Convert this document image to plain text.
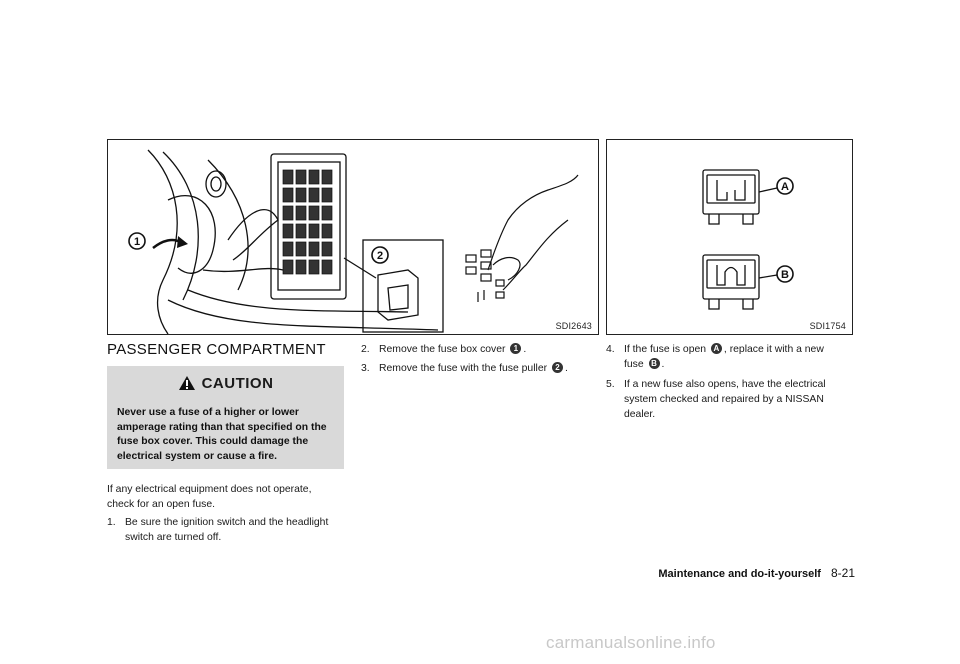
1
2
SDI2643
A
B
SDI1754
PASSENGER COMPARTMENT
CAUTION
Never use a fuse of a higher or lower amperage rating than that specified on the fuse box cover. This could damage the electrical system or cause a fire.
If any electrical equipment does not operate,
check for an open fuse.
1. Be sure the ignition switch and the headlight
switch are turned off.
2. Remove the fuse box cover 1 .
3. Remove the fuse with the fuse puller 2 .
4. If the fuse is open A , replace it with a new
fuse B .
5. If a new fuse also opens, have the electrical
system checked and repaired by a NISSAN
dealer.
Maintenance and do-it-yourself 8-21
carmanualsonline.info
